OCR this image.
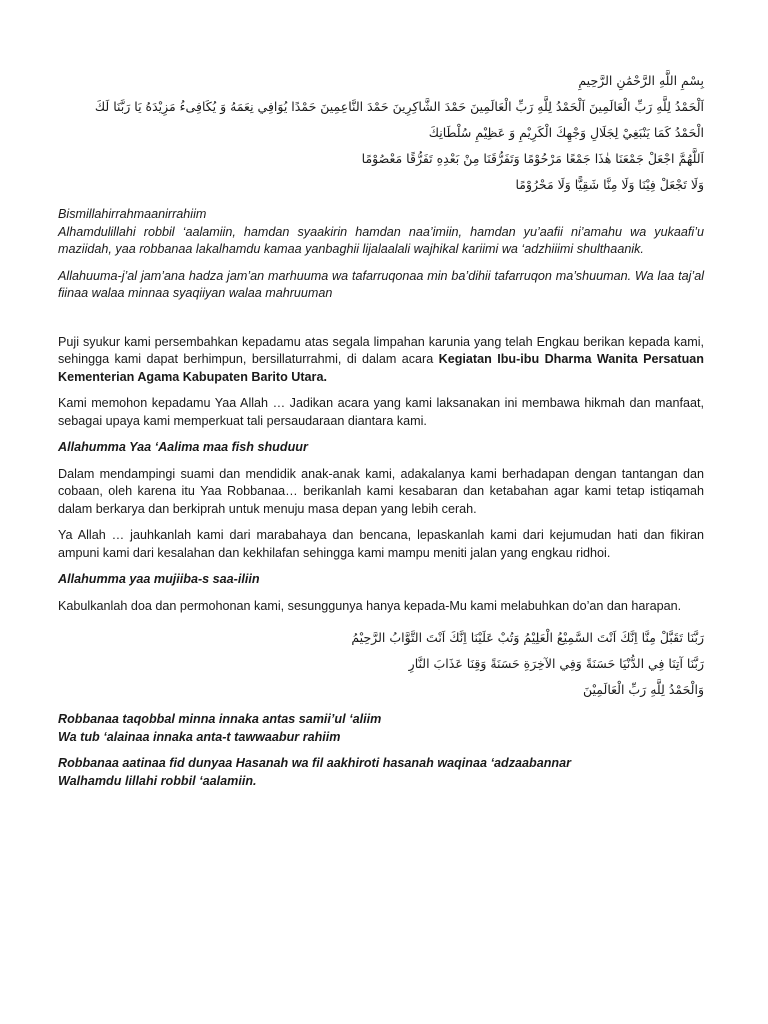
بِسْمِ اللَّهِ الرَّحْمَٰنِ الرَّحِيمِ

اَلْحَمْدُ لِلَّهِ رَبِّ الْعَالَمِينَ اَلْحَمْدُ لِلَّهِ رَبِّ الْعَالَمِينَ حَمْدَ الشَّاكِرِينَ حَمْدَ النَّاعِمِينَ حَمْدًا يُوَافِي نِعَمَهُ وَ يُكَافِىءُ مَزِيْدَهُ يَا رَبَّنَا لَكَ

الْحَمْدُ كَمَا يَنْبَغِيْ لِجَلَالِ وَجْهِكَ الْكَرِيْمِ وَ عَظِيْمِ سُلْطَانِكَ

اَللَّهُمَّ اجْعَلْ جَمْعَنَا هٰذَا جَمْعًا مَرْحُوْمًا وَتَفَرُّقَنَا مِنْ بَعْدِهِ تَفَرُّقًا مَعْصُوْمًا

وَلَا تَجْعَلْ فِيْنَا وَلَا مِنَّا شَقِيًّا وَلَا مَحْرُوْمًا

Bismillahirrahmaanirrahiim

Alhamdulillahi robbil ‘aalamiin, hamdan syaakirin hamdan naa’imiin, hamdan yu’aafii ni’amahu wa yukaafi’u maziidah, yaa robbanaa lakalhamdu kamaa yanbaghii lijalaalali wajhikal kariimi wa ‘adzhiiimi shulthaanik.

Allahuuma-j’al jam’ana hadza jam’an marhuuma wa tafarruqonaa min ba’dihii tafarruqon ma’shuuman. Wa laa taj’al fiinaa walaa minnaa syaqiiyan walaa mahruuman

Puji syukur kami persembahkan kepadamu atas segala limpahan karunia yang telah Engkau berikan kepada kami, sehingga kami dapat berhimpun, bersillaturrahmi, di dalam acara Kegiatan Ibu-ibu Dharma Wanita Persatuan Kementerian Agama Kabupaten Barito Utara.

Kami memohon kepadamu Yaa Allah … Jadikan acara yang kami laksanakan ini membawa hikmah dan manfaat, sebagai upaya kami memperkuat tali persaudaraan diantara kami.

Allahumma Yaa ‘Aalima maa fish shuduur

Dalam mendampingi suami dan mendidik anak-anak kami, adakalanya kami berhadapan dengan tantangan dan cobaan, oleh karena itu Yaa Robbanaa… berikanlah kami kesabaran dan ketabahan agar kami tetap istiqamah dalam berkarya dan berkiprah untuk menuju masa depan yang lebih cerah.

Ya Allah … jauhkanlah kami dari marabahaya dan bencana, lepaskanlah kami dari kejumudan hati dan fikiran ampuni kami dari kesalahan dan kekhilafan sehingga kami mampu meniti jalan yang engkau ridhoi.

Allahumma yaa mujiiba-s saa-iliin

Kabulkanlah doa dan permohonan kami, sesunggunya hanya kepada-Mu kami melabuhkan do’an dan harapan.

رَبَّنَا تَقَبَّلْ مِنَّا اِنَّكَ اَنْتَ السَّمِيْعُ الْعَلِيْمُ وَتُبْ عَلَيْنَا اِنَّكَ اَنْتَ التَّوَّابُ الرَّحِيْمُ

رَبَّنَا آتِنَا فِي الدُّنْيَا حَسَنَةً وَفِي الآخِرَةِ حَسَنَةً وَقِنَا عَذَابَ النَّارِ

وَالْحَمْدُ لِلَّهِ رَبِّ الْعَالَمِيْنَ

Robbanaa taqobbal minna innaka antas samii’ul ‘aliim
Wa tub ‘alainaa innaka anta-t tawwaabur rahiim
Robbanaa aatinaa fid dunyaa Hasanah wa fil aakhiroti hasanah waqinaa ‘adzaabannar
Walhamdu lillahi robbil ‘aalamiin.
